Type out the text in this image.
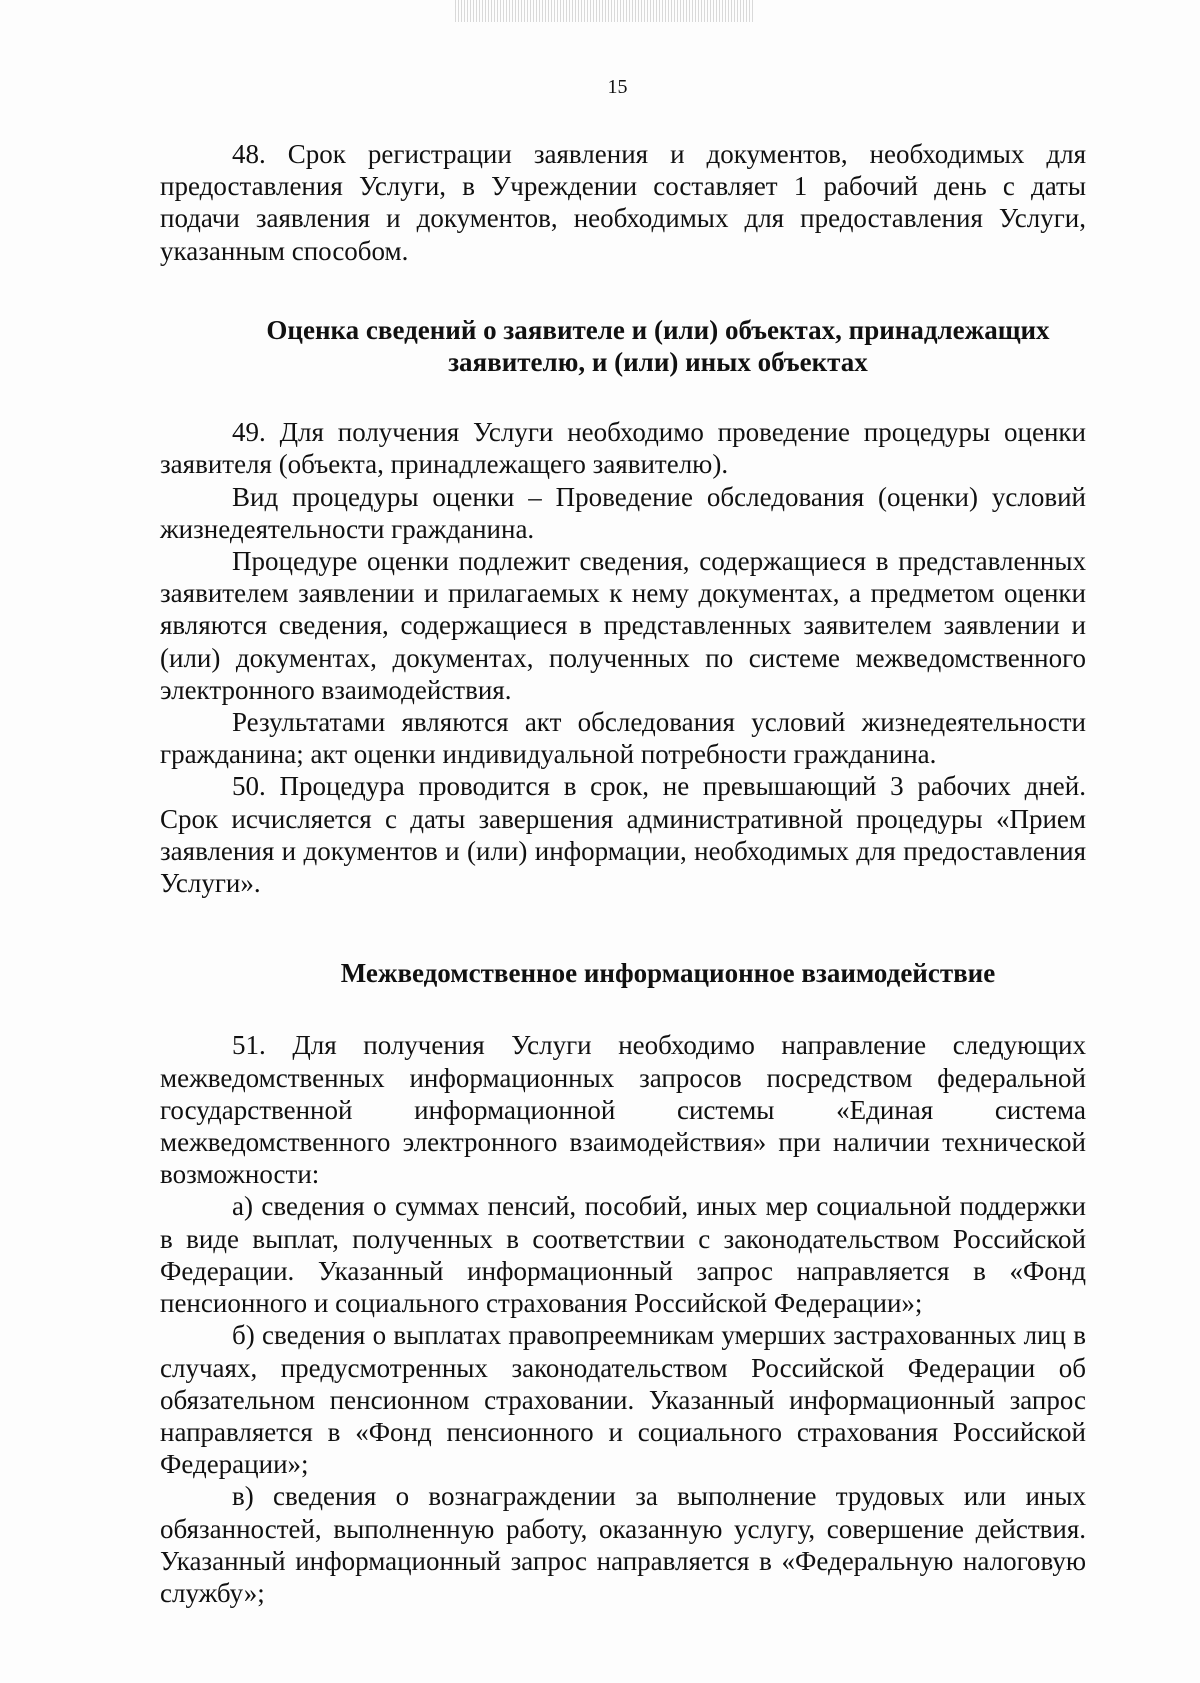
15

48. Срок регистрации заявления и документов, необходимых для предоставления Услуги, в Учреждении составляет 1 рабочий день с даты подачи заявления и документов, необходимых для предоставления Услуги, указанным способом.

Оценка сведений о заявителе и (или) объектах, принадлежащих заявителю, и (или) иных объектах

49. Для получения Услуги необходимо проведение процедуры оценки заявителя (объекта, принадлежащего заявителю).

Вид процедуры оценки – Проведение обследования (оценки) условий жизнедеятельности гражданина.

Процедуре оценки подлежит сведения, содержащиеся в представленных заявителем заявлении и прилагаемых к нему документах, а предметом оценки являются сведения, содержащиеся в представленных заявителем заявлении и (или) документах, документах, полученных по системе межведомственного электронного взаимодействия.

Результатами являются акт обследования условий жизнедеятельности гражданина; акт оценки индивидуальной потребности гражданина.

50. Процедура проводится в срок, не превышающий 3 рабочих дней. Срок исчисляется с даты завершения административной процедуры «Прием заявления и документов и (или) информации, необходимых для предоставления Услуги».

Межведомственное информационное взаимодействие

51. Для получения Услуги необходимо направление следующих межведомственных информационных запросов посредством федеральной государственной информационной системы «Единая система межведомственного электронного взаимодействия» при наличии технической возможности:

а) сведения о суммах пенсий, пособий, иных мер социальной поддержки в виде выплат, полученных в соответствии с законодательством Российской Федерации. Указанный информационный запрос направляется в «Фонд пенсионного и социального страхования Российской Федерации»;

б) сведения о выплатах правопреемникам умерших застрахованных лиц в случаях, предусмотренных законодательством Российской Федерации об обязательном пенсионном страховании. Указанный информационный запрос направляется в «Фонд пенсионного и социального страхования Российской Федерации»;

в) сведения о вознаграждении за выполнение трудовых или иных обязанностей, выполненную работу, оказанную услугу, совершение действия. Указанный информационный запрос направляется в «Федеральную налоговую службу»;
